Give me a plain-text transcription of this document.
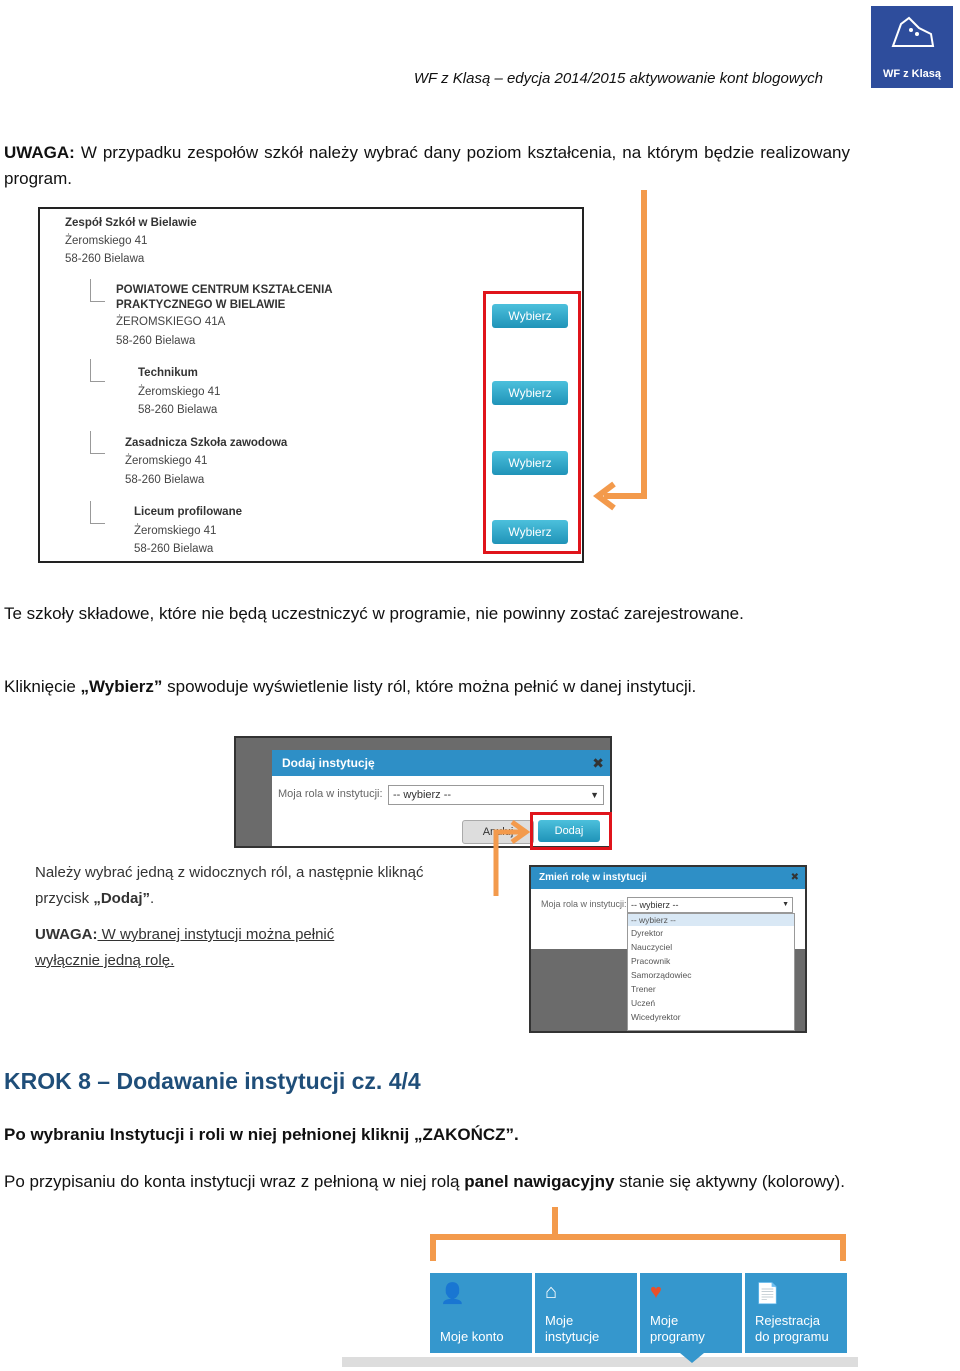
WF z Klasą
WF z Klasą – edycja 2014/2015 aktywowanie kont blogowych
UWAGA: W przypadku zespołów szkół należy wybrać dany poziom kształcenia, na którym będzie realizowany program.
Zespół Szkół w Bielawie
Żeromskiego 41
58-260 Bielawa
POWIATOWE CENTRUM KSZTAŁCENIA PRAKTYCZNEGO W BIELAWIE
ŻEROMSKIEGO 41A
58-260 Bielawa
Technikum
Żeromskiego 41
58-260 Bielawa
Zasadnicza Szkoła zawodowa
Żeromskiego 41
58-260 Bielawa
Liceum profilowane
Żeromskiego 41
58-260 Bielawa
Wybierz
Wybierz
Wybierz
Wybierz
Te szkoły składowe, które nie będą uczestniczyć w programie, nie powinny zostać zarejestrowane.
Kliknięcie „Wybierz” spowoduje wyświetlenie listy ról, które można pełnić w danej instytucji.
Dodaj instytucję	✖
Moja rola w instytucji: -- wybierz --	▼
Anuluj	Dodaj
Należy wybrać jedną z widocznych ról, a następnie kliknąć
przycisk „Dodaj”.
UWAGA: W wybranej instytucji można pełnić
wyłącznie jedną rolę.
Zmień rolę w instytucji	✖
Moja rola w instytucji: -- wybierz --	▼
-- wybierz --
Dyrektor
Nauczyciel
Pracownik
Samorządowiec
Trener
Uczeń
Wicedyrektor
KROK 8 – Dodawanie instytucji cz. 4/4
Po wybraniu Instytucji i roli w niej pełnionej kliknij „ZAKOŃCZ”.
Po przypisaniu do konta instytucji wraz z pełnioną w niej rolą panel nawigacyjny stanie się aktywny (kolorowy).
👤
Moje konto
⌂
Moje
instytucje
♥
Moje
programy
📄
Rejestracja
do programu
